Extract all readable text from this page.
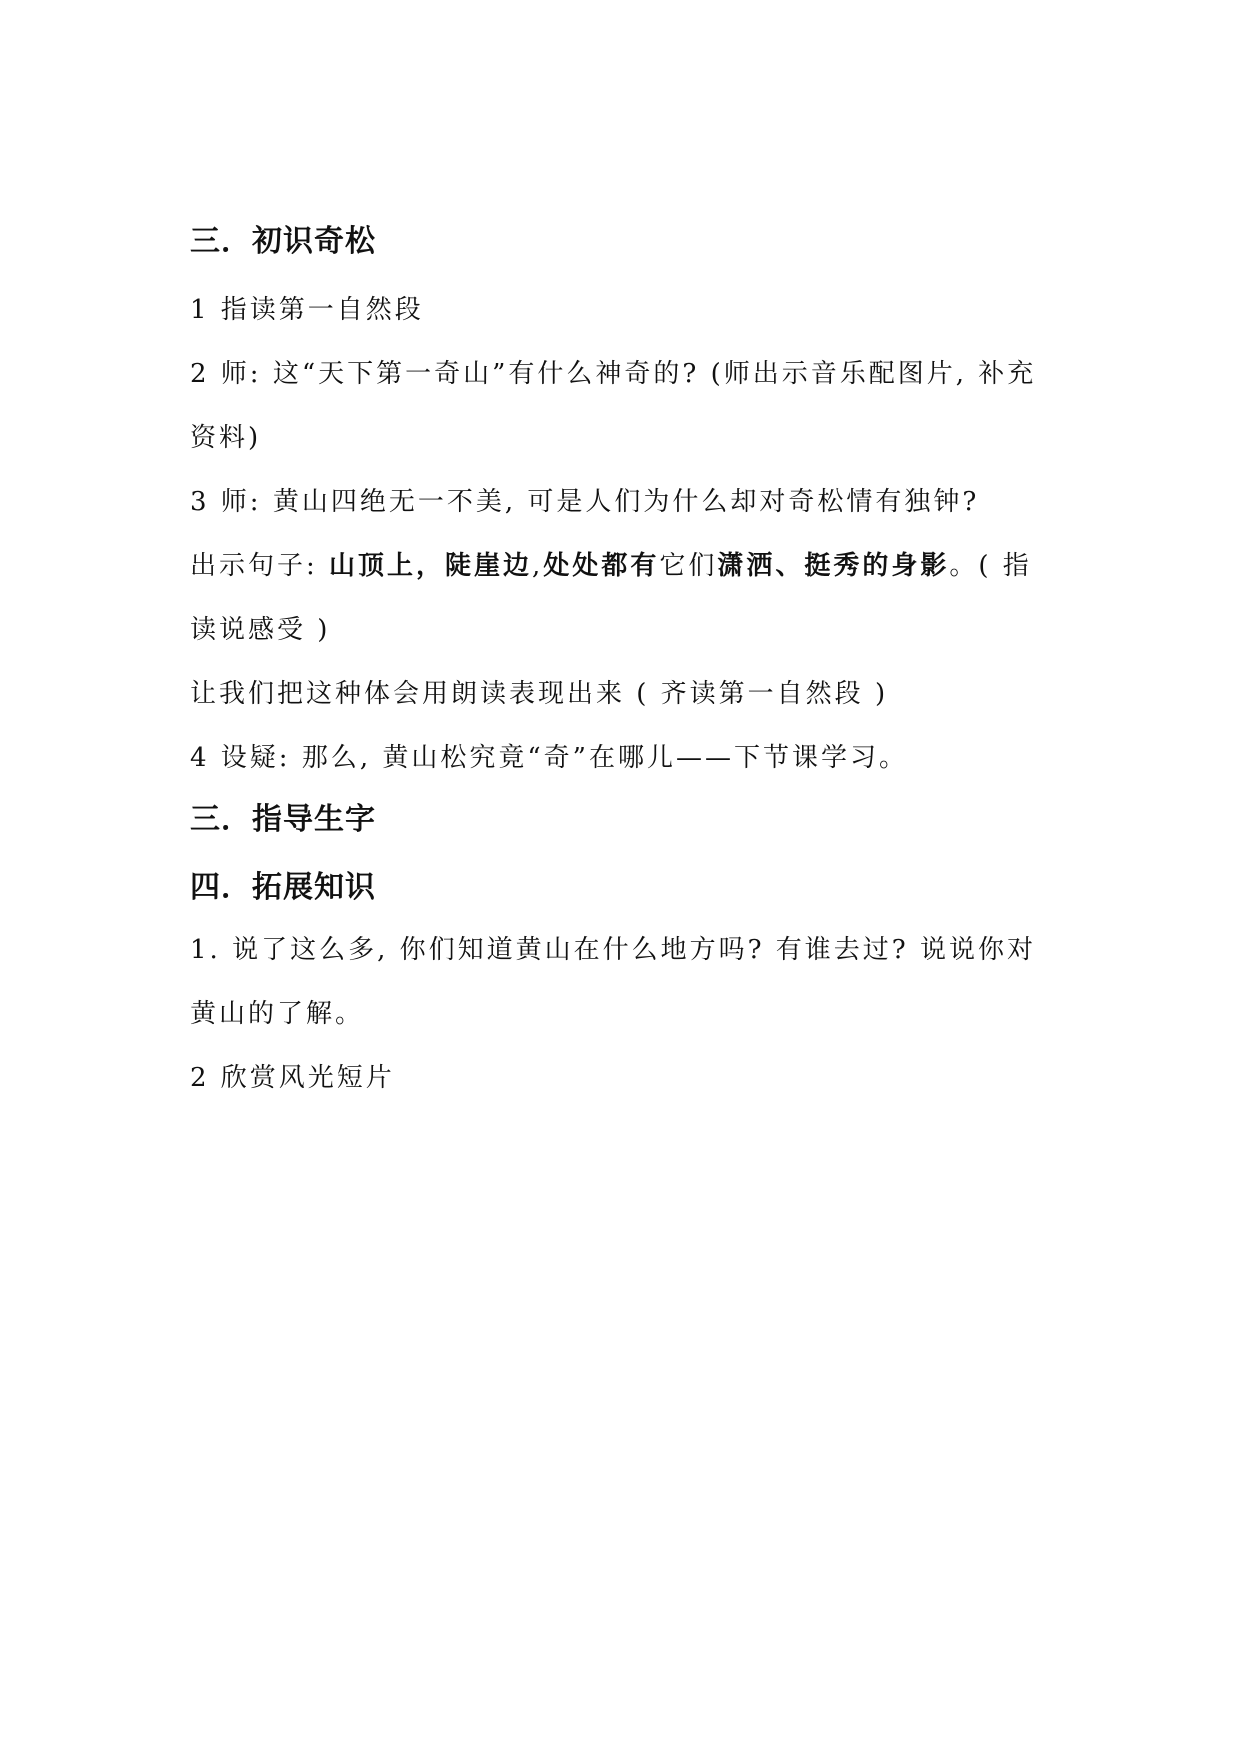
三．初识奇松

1 指读第一自然段

2 师: 这“天下第一奇山”有什么神奇的? (师出示音乐配图片, 补充资料)

3 师: 黄山四绝无一不美, 可是人们为什么却对奇松情有独钟?

出示句子: 山顶上，陡崖边,处处都有它们潇洒、挺秀的身影。( 指读说感受 )

让我们把这种体会用朗读表现出来 ( 齐读第一自然段 )

4 设疑: 那么, 黄山松究竟“奇”在哪儿——下节课学习。

三．指导生字
四．拓展知识

1. 说了这么多, 你们知道黄山在什么地方吗? 有谁去过? 说说你对黄山的了解。

2 欣赏风光短片
